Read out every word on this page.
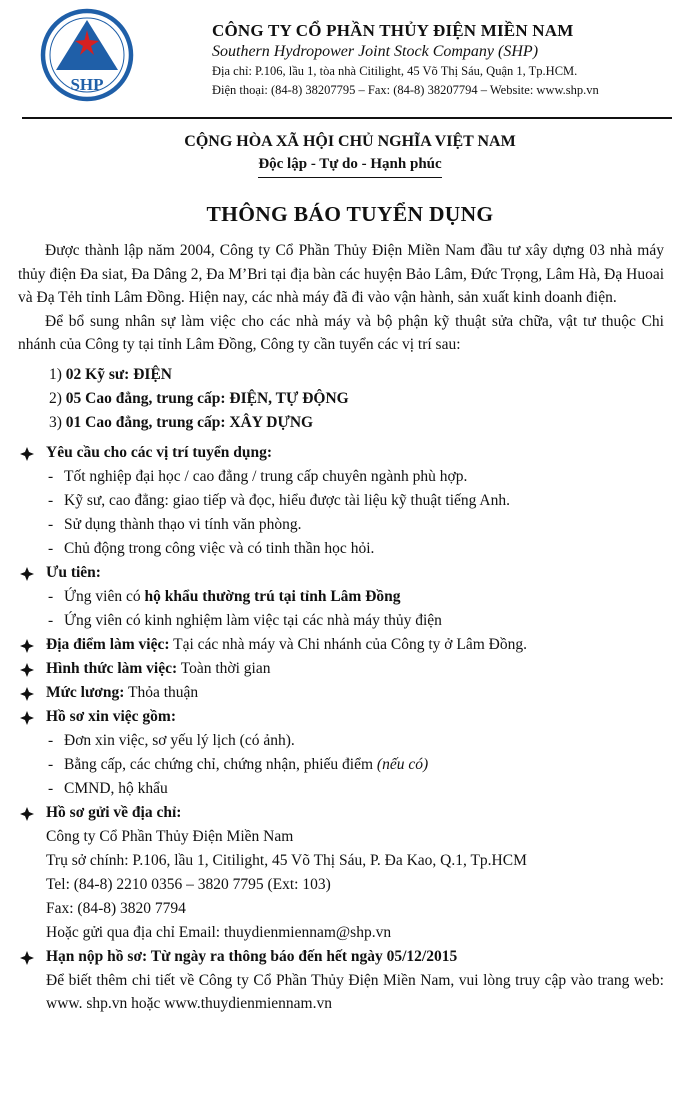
SHP
CÔNG TY CỔ PHẦN THỦY ĐIỆN MIỀN NAM
Southern Hydropower Joint Stock Company (SHP)
Địa chỉ: P.106, lầu 1, tòa nhà Citilight, 45 Võ Thị Sáu, Quận 1, Tp.HCM.
Điện thoại: (84-8) 38207795 – Fax: (84-8) 38207794 – Website: www.shp.vn
CỘNG HÒA XÃ HỘI CHỦ NGHĨA VIỆT NAM
Độc lập - Tự do - Hạnh phúc
THÔNG BÁO TUYỂN DỤNG

Được thành lập năm 2004, Công ty Cổ Phần Thủy Điện Miền Nam đầu tư xây dựng 03 nhà máy thủy điện Đa siat, Đa Dâng 2, Đa M’Bri tại địa bàn các huyện Bảo Lâm, Đức Trọng, Lâm Hà, Đạ Huoai và Đạ Tẻh tỉnh Lâm Đồng. Hiện nay, các nhà máy đã đi vào vận hành, sản xuất kinh doanh điện.

Để bổ sung nhân sự làm việc cho các nhà máy và bộ phận kỹ thuật sửa chữa, vật tư thuộc Chi nhánh của Công ty tại tỉnh Lâm Đồng, Công ty cần tuyển các vị trí sau:

1) 02 Kỹ sư: ĐIỆN
2) 05 Cao đẳng, trung cấp: ĐIỆN, TỰ ĐỘNG
3) 01 Cao đẳng, trung cấp: XÂY DỰNG
Yêu cầu cho các vị trí tuyển dụng:
- Tốt nghiệp đại học / cao đẳng / trung cấp chuyên ngành phù hợp.
- Kỹ sư, cao đẳng: giao tiếp và đọc, hiểu được tài liệu kỹ thuật tiếng Anh.
- Sử dụng thành thạo vi tính văn phòng.
- Chủ động trong công việc và có tinh thần học hỏi.
Ưu tiên:
- Ứng viên có hộ khẩu thường trú tại tỉnh Lâm Đồng
- Ứng viên có kinh nghiệm làm việc tại các nhà máy thủy điện
Địa điểm làm việc: Tại các nhà máy và Chi nhánh của Công ty ở Lâm Đồng.
Hình thức làm việc: Toàn thời gian
Mức lương: Thỏa thuận
Hồ sơ xin việc gồm:
- Đơn xin việc, sơ yếu lý lịch (có ảnh).
- Bằng cấp, các chứng chỉ, chứng nhận, phiếu điểm (nếu có)
- CMND, hộ khẩu
Hồ sơ gửi về địa chỉ:
Công ty Cổ Phần Thủy Điện Miền Nam
Trụ sở chính: P.106, lầu 1, Citilight, 45 Võ Thị Sáu, P. Đa Kao, Q.1, Tp.HCM
Tel: (84-8) 2210 0356 – 3820 7795 (Ext: 103)
Fax: (84-8) 3820 7794
Hoặc gửi qua địa chỉ Email: thuydienmiennam@shp.vn
Hạn nộp hồ sơ: Từ ngày ra thông báo đến hết ngày 05/12/2015
Để biết thêm chi tiết về Công ty Cổ Phần Thủy Điện Miền Nam, vui lòng truy cập vào trang web: www. shp.vn hoặc www.thuydienmiennam.vn
